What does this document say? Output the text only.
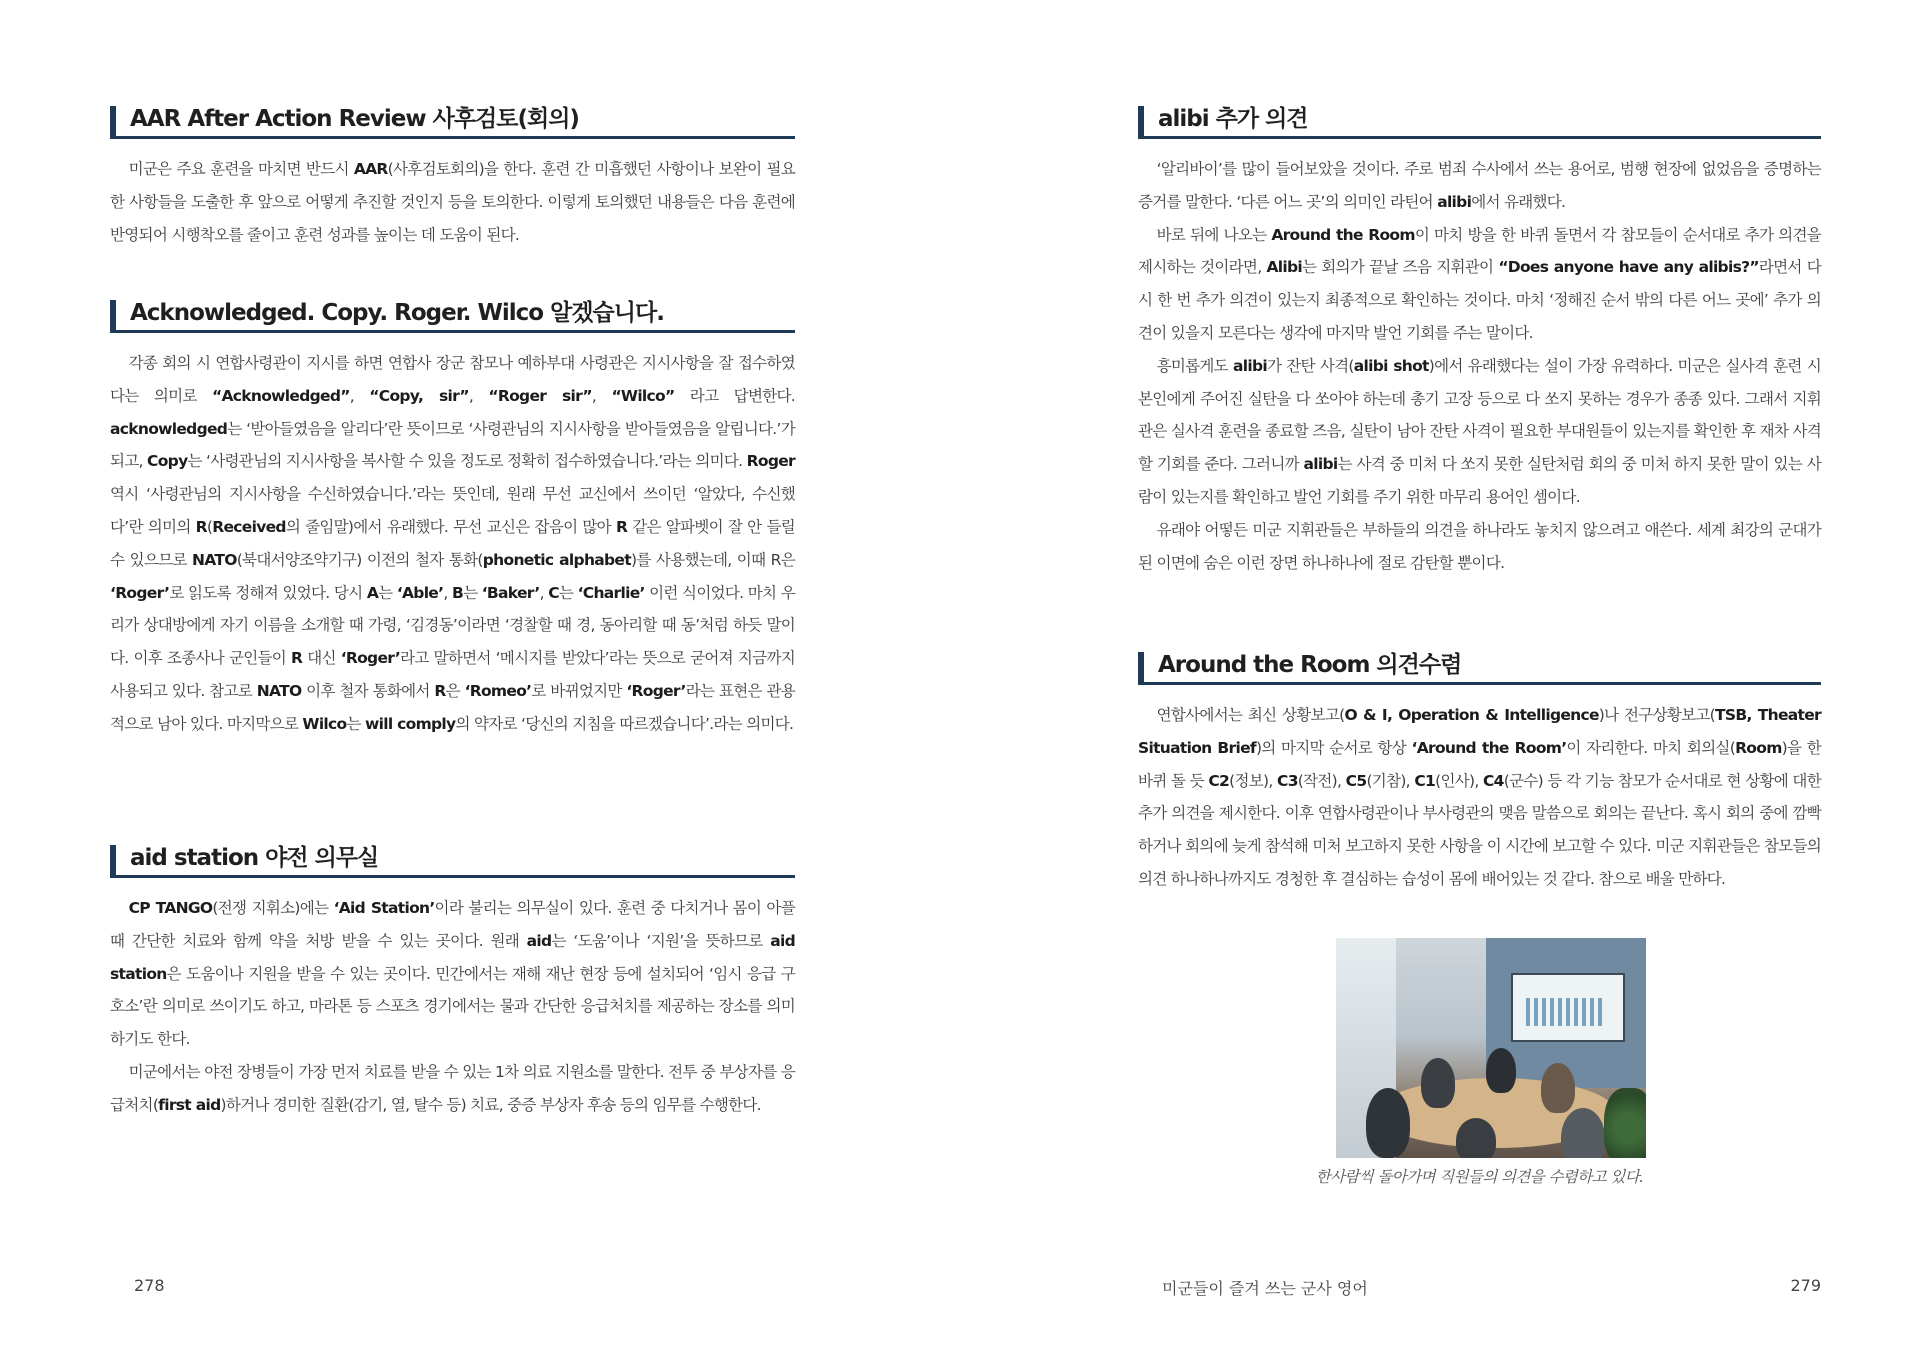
AAR After Action Review 사후검토(회의)

미군은 주요 훈련을 마치면 반드시 AAR(사후검토회의)을 한다. 훈련 간 미흡했던 사항이나 보완이 필요한 사항들을 도출한 후 앞으로 어떻게 추진할 것인지 등을 토의한다. 이렇게 토의했던 내용들은 다음 훈련에 반영되어 시행착오를 줄이고 훈련 성과를 높이는 데 도움이 된다.

Acknowledged. Copy. Roger. Wilco 알겠습니다.

각종 회의 시 연합사령관이 지시를 하면 연합사 장군 참모나 예하부대 사령관은 지시사항을 잘 접수하였다는 의미로 “Acknowledged”, “Copy, sir”, “Roger sir”, “Wilco” 라고 답변한다. acknowledged는 ‘받아들였음을 알리다’란 뜻이므로 ‘사령관님의 지시사항을 받아들였음을 알립니다.’가 되고, Copy는 ‘사령관님의 지시사항을 복사할 수 있을 정도로 정확히 접수하였습니다.’라는 의미다. Roger 역시 ‘사령관님의 지시사항을 수신하였습니다.’라는 뜻인데, 원래 무선 교신에서 쓰이던 ‘알았다, 수신했다’란 의미의 R(Received의 줄임말)에서 유래했다. 무선 교신은 잡음이 많아 R 같은 알파벳이 잘 안 들릴 수 있으므로 NATO(북대서양조약기구) 이전의 철자 통화(phonetic alphabet)를 사용했는데, 이때 R은 ‘Roger’로 읽도록 정해져 있었다. 당시 A는 ‘Able’, B는 ‘Baker’, C는 ‘Charlie’ 이런 식이었다. 마치 우리가 상대방에게 자기 이름을 소개할 때 가령, ‘김경동’이라면 ‘경찰할 때 경, 동아리할 때 동’처럼 하듯 말이다. 이후 조종사나 군인들이 R 대신 ‘Roger’라고 말하면서 ‘메시지를 받았다’라는 뜻으로 굳어져 지금까지 사용되고 있다. 참고로 NATO 이후 철자 통화에서 R은 ‘Romeo’로 바뀌었지만 ‘Roger’라는 표현은 관용적으로 남아 있다. 마지막으로 Wilco는 will comply의 약자로 ‘당신의 지침을 따르겠습니다’.라는 의미다.

aid station 야전 의무실

CP TANGO(전쟁 지휘소)에는 ‘Aid Station’이라 불리는 의무실이 있다. 훈련 중 다치거나 몸이 아플 때 간단한 치료와 함께 약을 처방 받을 수 있는 곳이다. 원래 aid는 ‘도움’이나 ‘지원’을 뜻하므로 aid station은 도움이나 지원을 받을 수 있는 곳이다. 민간에서는 재해 재난 현장 등에 설치되어 ‘임시 응급 구호소’란 의미로 쓰이기도 하고, 마라톤 등 스포츠 경기에서는 물과 간단한 응급처치를 제공하는 장소를 의미하기도 한다.

미군에서는 야전 장병들이 가장 먼저 치료를 받을 수 있는 1차 의료 지원소를 말한다. 전투 중 부상자를 응급처치(first aid)하거나 경미한 질환(감기, 열, 탈수 등) 치료, 중증 부상자 후송 등의 임무를 수행한다.

278
alibi 추가 의견

‘알리바이’를 많이 들어보았을 것이다. 주로 범죄 수사에서 쓰는 용어로, 범행 현장에 없었음을 증명하는 증거를 말한다. ‘다른 어느 곳’의 의미인 라틴어 alibi에서 유래했다.

바로 뒤에 나오는 Around the Room이 마치 방을 한 바퀴 돌면서 각 참모들이 순서대로 추가 의견을 제시하는 것이라면, Alibi는 회의가 끝날 즈음 지휘관이 “Does anyone have any alibis?”라면서 다시 한 번 추가 의견이 있는지 최종적으로 확인하는 것이다. 마치 ‘정해진 순서 밖의 다른 어느 곳에’ 추가 의견이 있을지 모른다는 생각에 마지막 발언 기회를 주는 말이다.

흥미롭게도 alibi가 잔탄 사격(alibi shot)에서 유래했다는 설이 가장 유력하다. 미군은 실사격 훈련 시 본인에게 주어진 실탄을 다 쏘아야 하는데 총기 고장 등으로 다 쏘지 못하는 경우가 종종 있다. 그래서 지휘관은 실사격 훈련을 종료할 즈음, 실탄이 남아 잔탄 사격이 필요한 부대원들이 있는지를 확인한 후 재차 사격할 기회를 준다. 그러니까 alibi는 사격 중 미처 다 쏘지 못한 실탄처럼 회의 중 미처 하지 못한 말이 있는 사람이 있는지를 확인하고 발언 기회를 주기 위한 마무리 용어인 셈이다.

유래야 어떻든 미군 지휘관들은 부하들의 의견을 하나라도 놓치지 않으려고 애쓴다. 세계 최강의 군대가 된 이면에 숨은 이런 장면 하나하나에 절로 감탄할 뿐이다.

Around the Room 의견수렴

연합사에서는 최신 상황보고(O & I, Operation & Intelligence)나 전구상황보고(TSB, Theater Situation Brief)의 마지막 순서로 항상 ‘Around the Room’이 자리한다. 마치 회의실(Room)을 한 바퀴 돌 듯 C2(정보), C3(작전), C5(기참), C1(인사), C4(군수) 등 각 기능 참모가 순서대로 현 상황에 대한 추가 의견을 제시한다. 이후 연합사령관이나 부사령관의 맺음 말씀으로 회의는 끝난다. 혹시 회의 중에 깜빡하거나 회의에 늦게 참석해 미처 보고하지 못한 사항을 이 시간에 보고할 수 있다. 미군 지휘관들은 참모들의 의견 하나하나까지도 경청한 후 결심하는 습성이 몸에 배어있는 것 같다. 참으로 배울 만하다.

한사람씩 돌아가며 직원들의 의견을 수렴하고 있다.
미군들이 즐겨 쓰는 군사 영어	279
